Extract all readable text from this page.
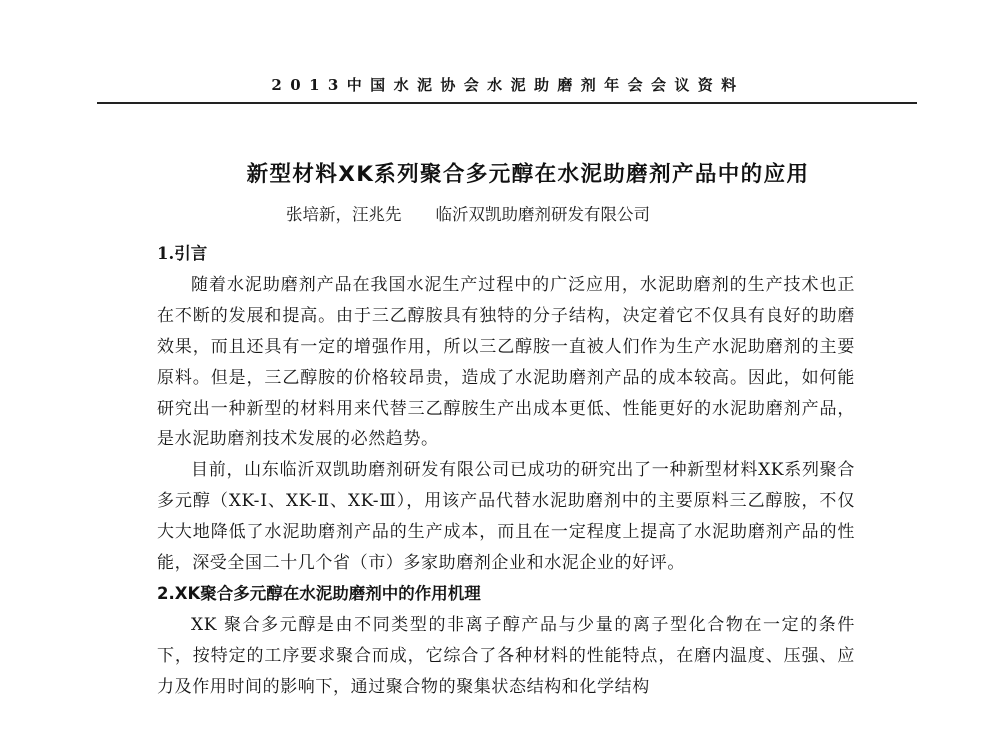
2013中国水泥协会水泥助磨剂年会会议资料
新型材料XK系列聚合多元醇在水泥助磨剂产品中的应用
张培新，汪兆先 临沂双凯助磨剂研发有限公司
1.引言

随着水泥助磨剂产品在我国水泥生产过程中的广泛应用，水泥助磨剂的生产技术也正在不断的发展和提高。由于三乙醇胺具有独特的分子结构，决定着它不仅具有良好的助磨效果，而且还具有一定的增强作用，所以三乙醇胺一直被人们作为生产水泥助磨剂的主要原料。但是，三乙醇胺的价格较昂贵，造成了水泥助磨剂产品的成本较高。因此，如何能研究出一种新型的材料用来代替三乙醇胺生产出成本更低、性能更好的水泥助磨剂产品，是水泥助磨剂技术发展的必然趋势。

目前，山东临沂双凯助磨剂研发有限公司已成功的研究出了一种新型材料XK系列聚合多元醇（XK-Ⅰ、XK-Ⅱ、XK-Ⅲ），用该产品代替水泥助磨剂中的主要原料三乙醇胺，不仅大大地降低了水泥助磨剂产品的生产成本，而且在一定程度上提高了水泥助磨剂产品的性能，深受全国二十几个省（市）多家助磨剂企业和水泥企业的好评。

2.XK聚合多元醇在水泥助磨剂中的作用机理

XK 聚合多元醇是由不同类型的非离子醇产品与少量的离子型化合物在一定的条件下，按特定的工序要求聚合而成，它综合了各种材料的性能特点，在磨内温度、压强、应力及作用时间的影响下，通过聚合物的聚集状态结构和化学结构
